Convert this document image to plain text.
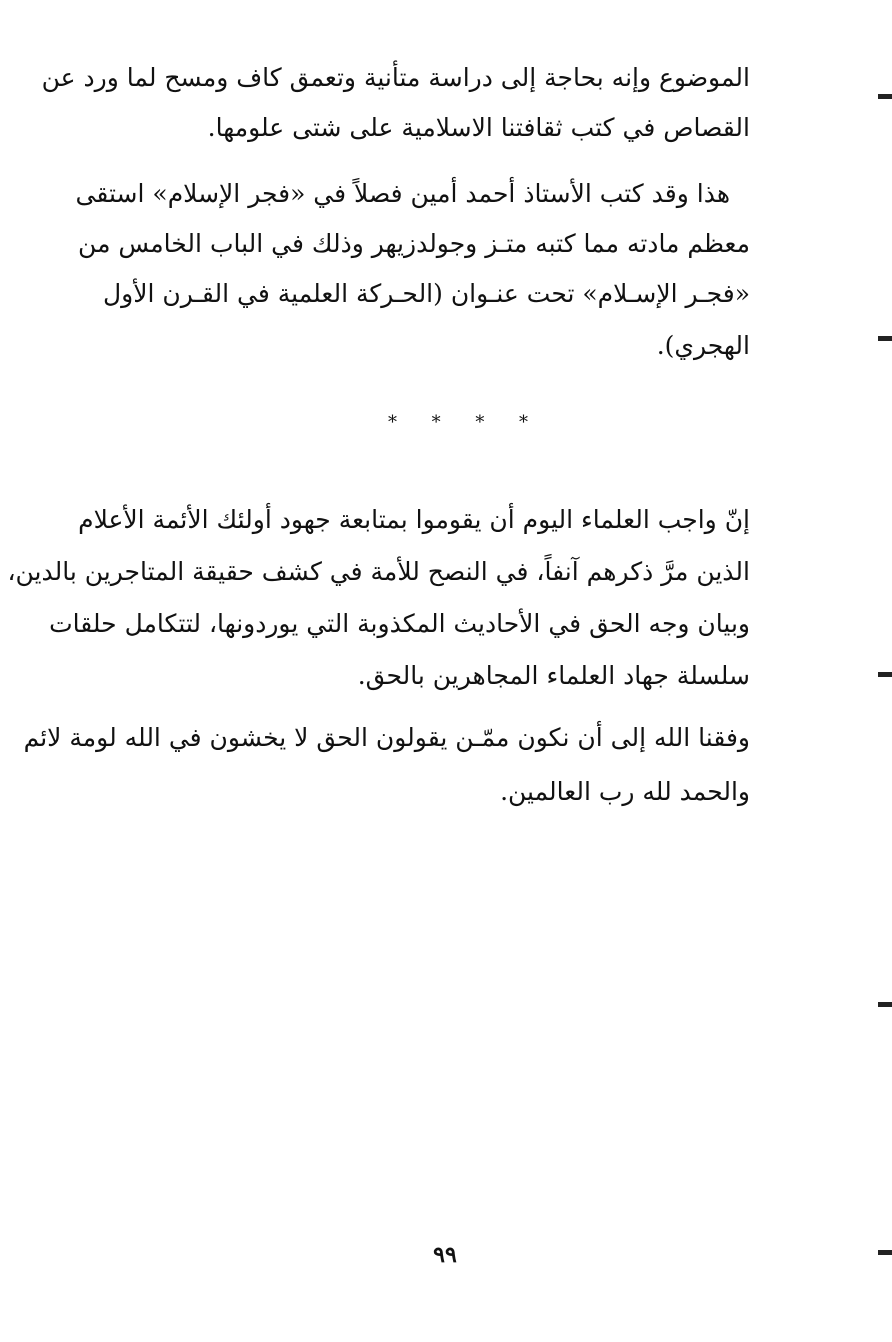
الموضوع وإنه بحاجة إلى دراسة متأنية وتعمق كاف ومسح لما ورد عن
القصاص في كتب ثقافتنا الاسلامية على شتى علومها.
هذا وقد كتب الأستاذ أحمد أمين فصلاً في «فجر الإسلام» استقى
معظم مادته مما كتبه متـز وجولدزيهر وذلك في الباب الخامس من
«فجـر الإسـلام» تحت عنـوان (الحـركة العلمية في القـرن الأول
الهجري).
* * * *
إنّ واجب العلماء اليوم أن يقوموا بمتابعة جهود أولئك الأئمة الأعلام
الذين مرَّ ذكرهم آنفاً، في النصح للأمة في كشف حقيقة المتاجرين بالدين،
وبيان وجه الحق في الأحاديث المكذوبة التي يوردونها، لتتكامل حلقات
سلسلة جهاد العلماء المجاهرين بالحق.
وفقنا الله إلى أن نكون ممّـن يقولون الحق لا يخشون في الله لومة لائم
والحمد لله رب العالمين.
٩٩
